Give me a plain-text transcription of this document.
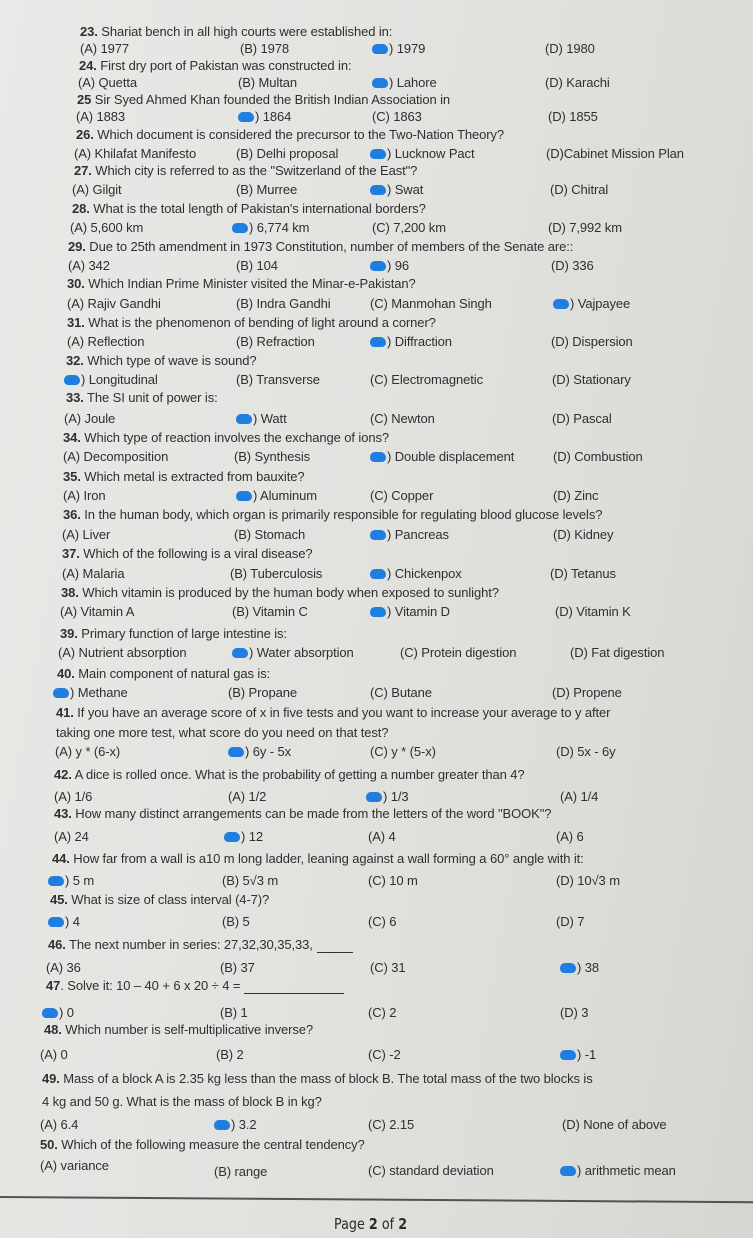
23. Shariat bench in all high courts were established in:
(A) 1977	(B) 1978	) 1979	(D) 1980
24. First dry port of Pakistan was constructed in:
(A) Quetta	(B) Multan	) Lahore	(D) Karachi
25 Sir Syed Ahmed Khan founded the British Indian Association in
(A) 1883	) 1864	(C) 1863	(D) 1855
26. Which document is considered the precursor to the Two-Nation Theory?
(A) Khilafat Manifesto	(B) Delhi proposal	) Lucknow Pact	(D)Cabinet Mission Plan
27. Which city is referred to as the "Switzerland of the East"?
(A) Gilgit	(B) Murree	) Swat	(D) Chitral
28. What is the total length of Pakistan's international borders?
(A) 5,600 km	) 6,774 km	(C) 7,200 km	(D) 7,992 km
29. Due to 25th amendment in 1973 Constitution, number of members of the Senate are::
(A) 342	(B) 104	) 96	(D) 336
30. Which Indian Prime Minister visited the Minar-e-Pakistan?
(A) Rajiv Gandhi	(B) Indra Gandhi	(C) Manmohan Singh	) Vajpayee
31. What is the phenomenon of bending of light around a corner?
(A) Reflection	(B) Refraction	) Diffraction	(D) Dispersion
32. Which type of wave is sound?
) Longitudinal	(B) Transverse	(C) Electromagnetic	(D) Stationary
33. The SI unit of power is:
(A) Joule	) Watt	(C) Newton	(D) Pascal
34. Which type of reaction involves the exchange of ions?
(A) Decomposition	(B) Synthesis	) Double displacement	(D) Combustion
35. Which metal is extracted from bauxite?
(A) Iron	) Aluminum	(C) Copper	(D) Zinc
36. In the human body, which organ is primarily responsible for regulating blood glucose levels?
(A) Liver	(B) Stomach	) Pancreas	(D) Kidney
37. Which of the following is a viral disease?
(A) Malaria	(B) Tuberculosis	) Chickenpox	(D) Tetanus
38. Which vitamin is produced by the human body when exposed to sunlight?
(A) Vitamin A	(B) Vitamin C	) Vitamin D	(D) Vitamin K
39. Primary function of large intestine is:
(A) Nutrient absorption	) Water absorption	(C) Protein digestion	(D) Fat digestion
40. Main component of natural gas is:
) Methane	(B) Propane	(C) Butane	(D) Propene
41. If you have an average score of x in five tests and you want to increase your average to y after
taking one more test, what score do you need on that test?
(A) y * (6-x)	) 6y - 5x	(C) y * (5-x)	(D) 5x - 6y
42. A dice is rolled once. What is the probability of getting a number greater than 4?
(A) 1/6	(A) 1/2	) 1/3	(A) 1/4
43. How many distinct arrangements can be made from the letters of the word "BOOK"?
(A) 24	) 12	(A) 4	(A) 6
44. How far from a wall is a10 m long ladder, leaning against a wall forming a 60° angle with it:
) 5 m	(B) 5√3 m	(C) 10 m	(D) 10√3 m
45. What is size of class interval (4-7)?
) 4	(B) 5	(C) 6	(D) 7
46. The next number in series: 27,32,30,35,33,
(A) 36	(B) 37	(C) 31	) 38
47. Solve it: 10 – 40 + 6 x 20 ÷ 4 =
) 0	(B) 1	(C) 2	(D) 3
48. Which number is self-multiplicative inverse?
(A) 0	(B) 2	(C) -2	) -1
49. Mass of a block A is 2.35 kg less than the mass of block B. The total mass of the two blocks is
4 kg and 50 g. What is the mass of block B in kg?
(A) 6.4	) 3.2	(C) 2.15	(D) None of above
50. Which of the following measure the central tendency?
(A) variance	(B) range	(C) standard deviation	) arithmetic mean
Page 2 of 2
